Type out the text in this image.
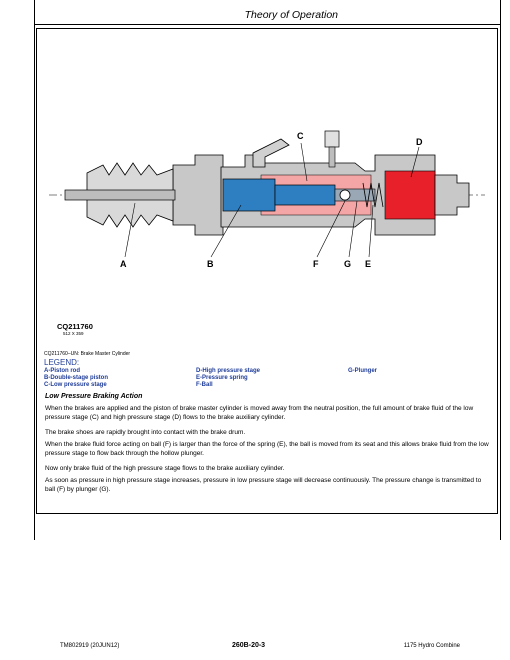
Theory of Operation
A	B
C
D
F	G E
CQ211760
512 X 359
CQ211760–UN: Brake Master Cylinder
LEGEND:
A-Piston rod
B-Double-stage piston
C-Low pressure stage
D-High pressure stage
E-Pressure spring
F-Ball
G-Plunger
Low Pressure Braking Action
When the brakes are applied and the piston of brake master cylinder is moved away from the neutral position, the full amount of brake fluid of the low pressure stage (C) and high pressure stage (D) flows to the brake auxiliary cylinder.
The brake shoes are rapidly brought into contact with the brake drum.
When the brake fluid force acting on ball (F) is larger than the force of the spring (E), the ball is moved from its seat and this allows brake fluid from the low pressure stage to flow back through the hollow plunger.
Now only brake fluid of the high pressure stage flows to the brake auxiliary cylinder.
As soon as pressure in high pressure stage increases, pressure in low pressure stage will decrease continuously. The pressure change is transmitted to ball (F) by plunger (G).
TM802919 (20JUN12)	260B-20-3	1175 Hydro Combine
